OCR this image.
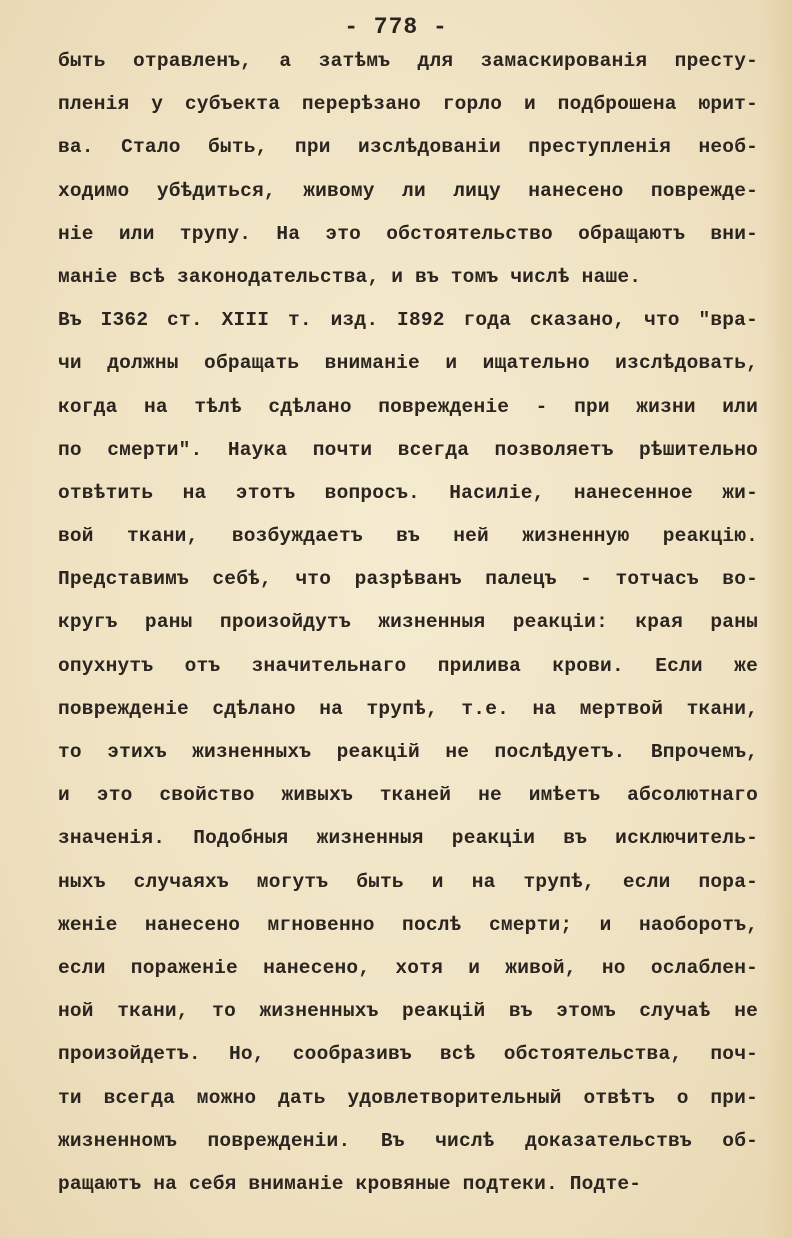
- 778 -
быть отравленъ, а затѣмъ для замаскированія престу-
пленія у субъекта перерѣзано горло и подброшена юрит-
ва. Стало быть, при изслѣдованіи преступленія необ-
ходимо убѣдиться, живому ли лицу нанесено поврежде-
ніе или трупу. На это обстоятельство обращаютъ вни-
маніе всѣ законодательства, и въ томъ числѣ наше.
Въ І362 ст. XIII т. изд. І892 года сказано, что "вра-
чи должны обращать вниманіе и ищательно изслѣдовать,
когда на тѣлѣ сдѣлано поврежденіе - при жизни или
по смерти". Наука почти всегда позволяетъ рѣшительно
отвѣтить на этотъ вопросъ. Насиліе, нанесенное жи-
вой ткани, возбуждаетъ въ ней жизненную реакцію.
Представимъ себѣ, что разрѣванъ палецъ - тотчасъ во-
кругъ раны произойдутъ жизненныя реакціи: края раны
опухнутъ отъ значительнаго прилива крови. Если же
поврежденіе сдѣлано на трупѣ, т.е. на мертвой ткани,
то этихъ жизненныхъ реакцій не послѣдуетъ. Впрочемъ,
и это свойство живыхъ тканей не имѣетъ абсолютнаго
значенія. Подобныя жизненныя реакціи въ исключитель-
ныхъ случаяхъ могутъ быть и на трупѣ, если пора-
женіе нанесено мгновенно послѣ смерти; и наоборотъ,
если пораженіе нанесено, хотя и живой, но ослаблен-
ной ткани, то жизненныхъ реакцій въ этомъ случаѣ не
произойдетъ. Но, сообразивъ всѣ обстоятельства, поч-
ти всегда можно дать удовлетворительный отвѣтъ о при-
жизненномъ поврежденіи. Въ числѣ доказательствъ об-
ращаютъ на себя вниманіе кровяные подтеки. Подте-
